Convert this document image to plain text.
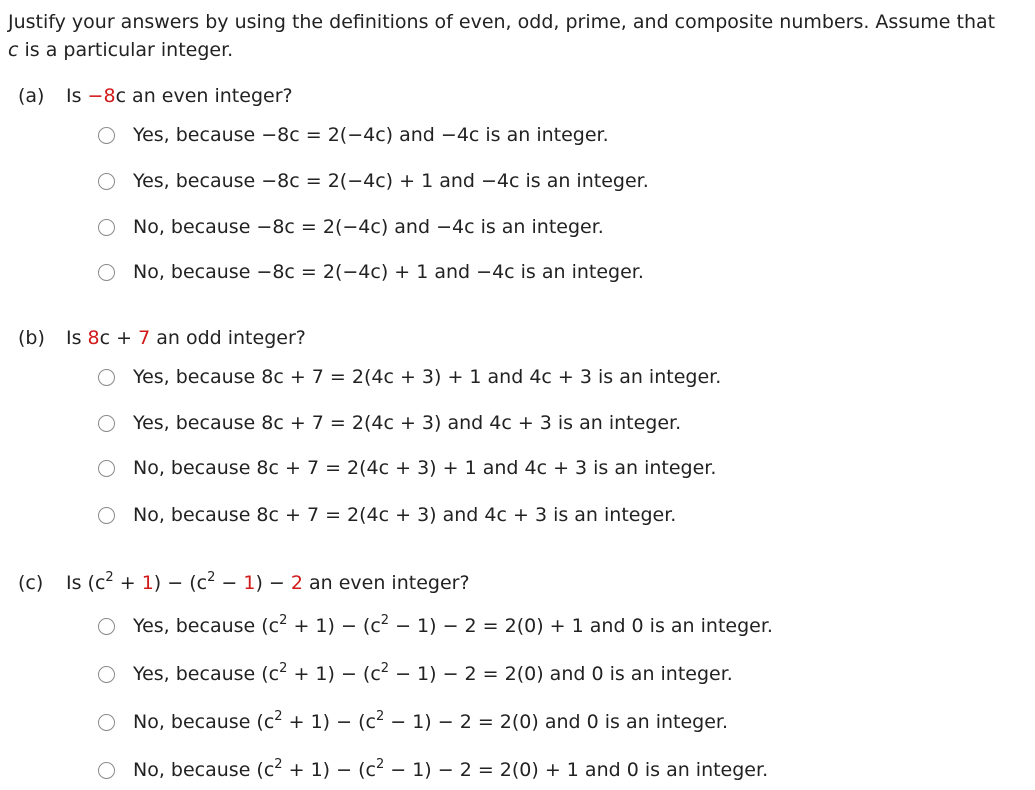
Justify your answers by using the definitions of even, odd, prime, and composite numbers. Assume that
c is a particular integer.

(a) Is −8c an even integer?
Yes, because −8c = 2(−4c) and −4c is an integer.
Yes, because −8c = 2(−4c) + 1 and −4c is an integer.
No, because −8c = 2(−4c) and −4c is an integer.
No, because −8c = 2(−4c) + 1 and −4c is an integer.
(b) Is 8c + 7 an odd integer?
Yes, because 8c + 7 = 2(4c + 3) + 1 and 4c + 3 is an integer.
Yes, because 8c + 7 = 2(4c + 3) and 4c + 3 is an integer.
No, because 8c + 7 = 2(4c + 3) + 1 and 4c + 3 is an integer.
No, because 8c + 7 = 2(4c + 3) and 4c + 3 is an integer.
(c) Is $(c^2 + 1) - (c^2 - 1) - 2$ an even integer?
Yes, because $(c^2 + 1) - (c^2 - 1) - 2 = 2(0) + 1$ and 0 is an integer.
Yes, because $(c^2 + 1) - (c^2 - 1) - 2 = 2(0)$ and 0 is an integer.
No, because $(c^2 + 1) - (c^2 - 1) - 2 = 2(0)$ and 0 is an integer.
No, because $(c^2 + 1) - (c^2 - 1) - 2 = 2(0) + 1$ and 0 is an integer.
